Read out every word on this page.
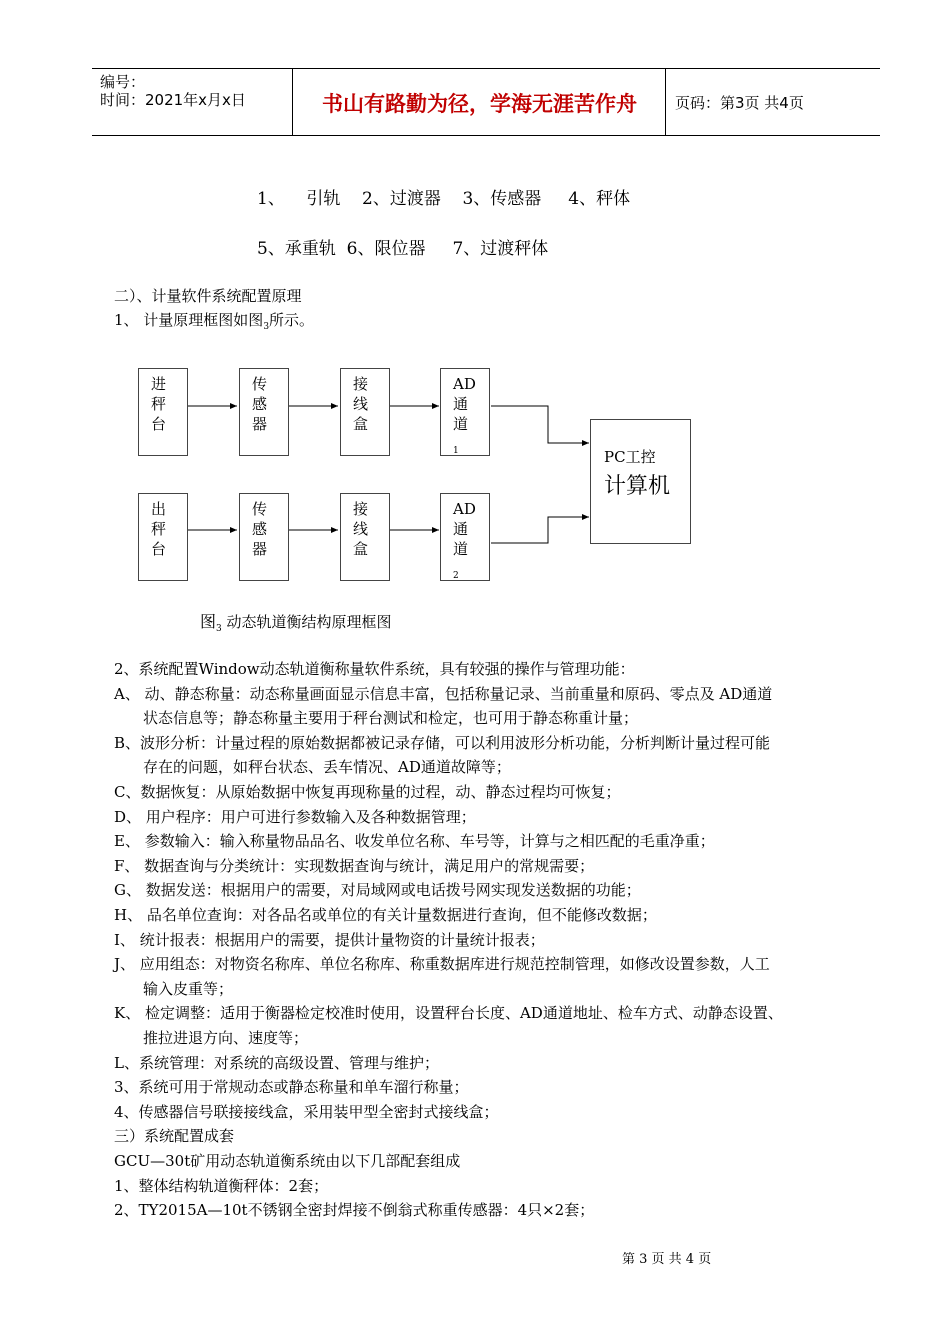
编号：
时间：2021年x月x日	书山有路勤为径，学海无涯苦作舟	页码：第3页 共4页
1、    引轨    2、过渡器    3、传感器     4、秤体
5、承重轨  6、限位器     7、过渡秤体
二）、计量软件系统配置原理
1、 计量原理框图如图$_3$所示。
进
秤
台
传
感
器
接
线
盒
AD
通
道
$_1$
出
秤
台
传
感
器
接
线
盒
AD
通
道
$_2$
PC工控
计算机
图$_3$ 动态轨道衡结构原理框图
2、系统配置Window动态轨道衡称量软件系统，具有较强的操作与管理功能：
A、 动、静态称量：动态称量画面显示信息丰富，包括称量记录、当前重量和原码、零点及 AD通道
状态信息等；静态称量主要用于秤台测试和检定，也可用于静态称重计量；
B、波形分析：计量过程的原始数据都被记录存储，可以利用波形分析功能，分析判断计量过程可能
存在的问题，如秤台状态、丢车情况、AD通道故障等；
C、数据恢复：从原始数据中恢复再现称量的过程，动、静态过程均可恢复；
D、 用户程序：用户可进行参数输入及各种数据管理；
E、 参数输入：输入称量物品品名、收发单位名称、车号等，计算与之相匹配的毛重净重；
F、 数据查询与分类统计：实现数据查询与统计，满足用户的常规需要；
G、 数据发送：根据用户的需要，对局域网或电话拨号网实现发送数据的功能；
H、 品名单位查询：对各品名或单位的有关计量数据进行查询，但不能修改数据；
I、 统计报表：根据用户的需要，提供计量物资的计量统计报表；
J、 应用组态：对物资名称库、单位名称库、称重数据库进行规范控制管理，如修改设置参数，人工
输入皮重等；
K、 检定调整：适用于衡器检定校准时使用，设置秤台长度、AD通道地址、检车方式、动静态设置、
推拉进退方向、速度等；
L、系统管理：对系统的高级设置、管理与维护；
3、系统可用于常规动态或静态称量和单车溜行称量；
4、传感器信号联接接线盒，采用装甲型全密封式接线盒；
三）系统配置成套
GCU—30t矿用动态轨道衡系统由以下几部配套组成
1、整体结构轨道衡秤体：2套；
2、TY2015A—10t不锈钢全密封焊接不倒翁式称重传感器：4只×2套；
第 3 页 共 4 页
